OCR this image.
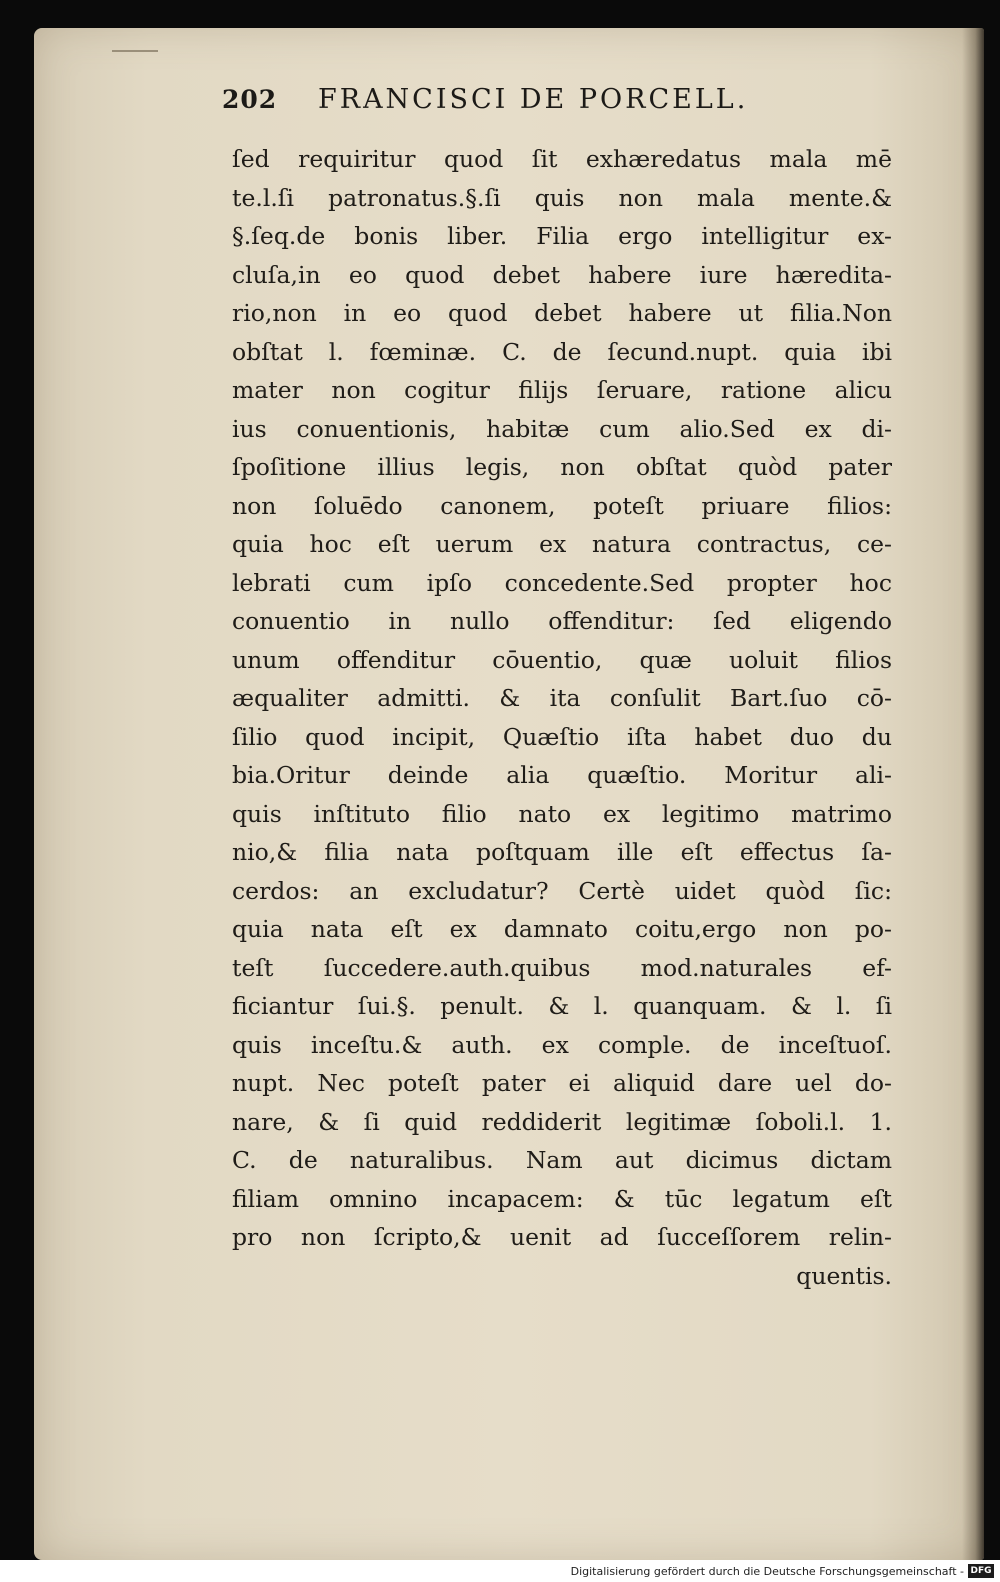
202	FRANCISCI DE PORCELL.
ſed requiritur quod ſit exhæredatus mala mē
te.l.ſi patronatus.§.ſi quis non mala mente.&
§.ſeq.de bonis liber. Filia ergo intelligitur ex-
cluſa,in eo quod debet habere iure hæredita-
rio,non in eo quod debet habere ut filia.Non
obſtat l. fœminæ. C. de ſecund.nupt. quia ibi
mater non cogitur filijs ſeruare, ratione alicu
ius conuentionis, habitæ cum alio.Sed ex di-
ſpoſitione illius legis, non obſtat quòd pater
non ſoluēdo canonem, poteſt priuare filios:
quia hoc eſt uerum ex natura contractus, ce-
lebrati cum ipſo concedente.Sed propter hoc
conuentio in nullo offenditur: ſed eligendo
unum offenditur cōuentio, quæ uoluit filios
æqualiter admitti. & ita conſulit Bart.ſuo cō-
ſilio quod incipit, Quæſtio iſta habet duo du
bia.Oritur deinde alia quæſtio. Moritur ali-
quis inſtituto filio nato ex legitimo matrimo
nio,& filia nata poſtquam ille eſt effectus ſa-
cerdos: an excludatur? Certè uidet quòd ſic:
quia nata eſt ex damnato coitu,ergo non po-
teſt ſuccedere.auth.quibus mod.naturales ef-
ficiantur ſui.§. penult. & l. quanquam. & l. ſi
quis inceſtu.& auth. ex comple. de inceſtuoſ.
nupt. Nec poteſt pater ei aliquid dare uel do-
nare, & ſi quid reddiderit legitimæ ſoboli.l. 1.
C. de naturalibus. Nam aut dicimus dictam
filiam omnino incapacem: & tūc legatum eſt
pro non ſcripto,& uenit ad ſucceſſorem relin-
quentis.
Digitalisierung gefördert durch die Deutsche Forschungsgemeinschaft - DFG
